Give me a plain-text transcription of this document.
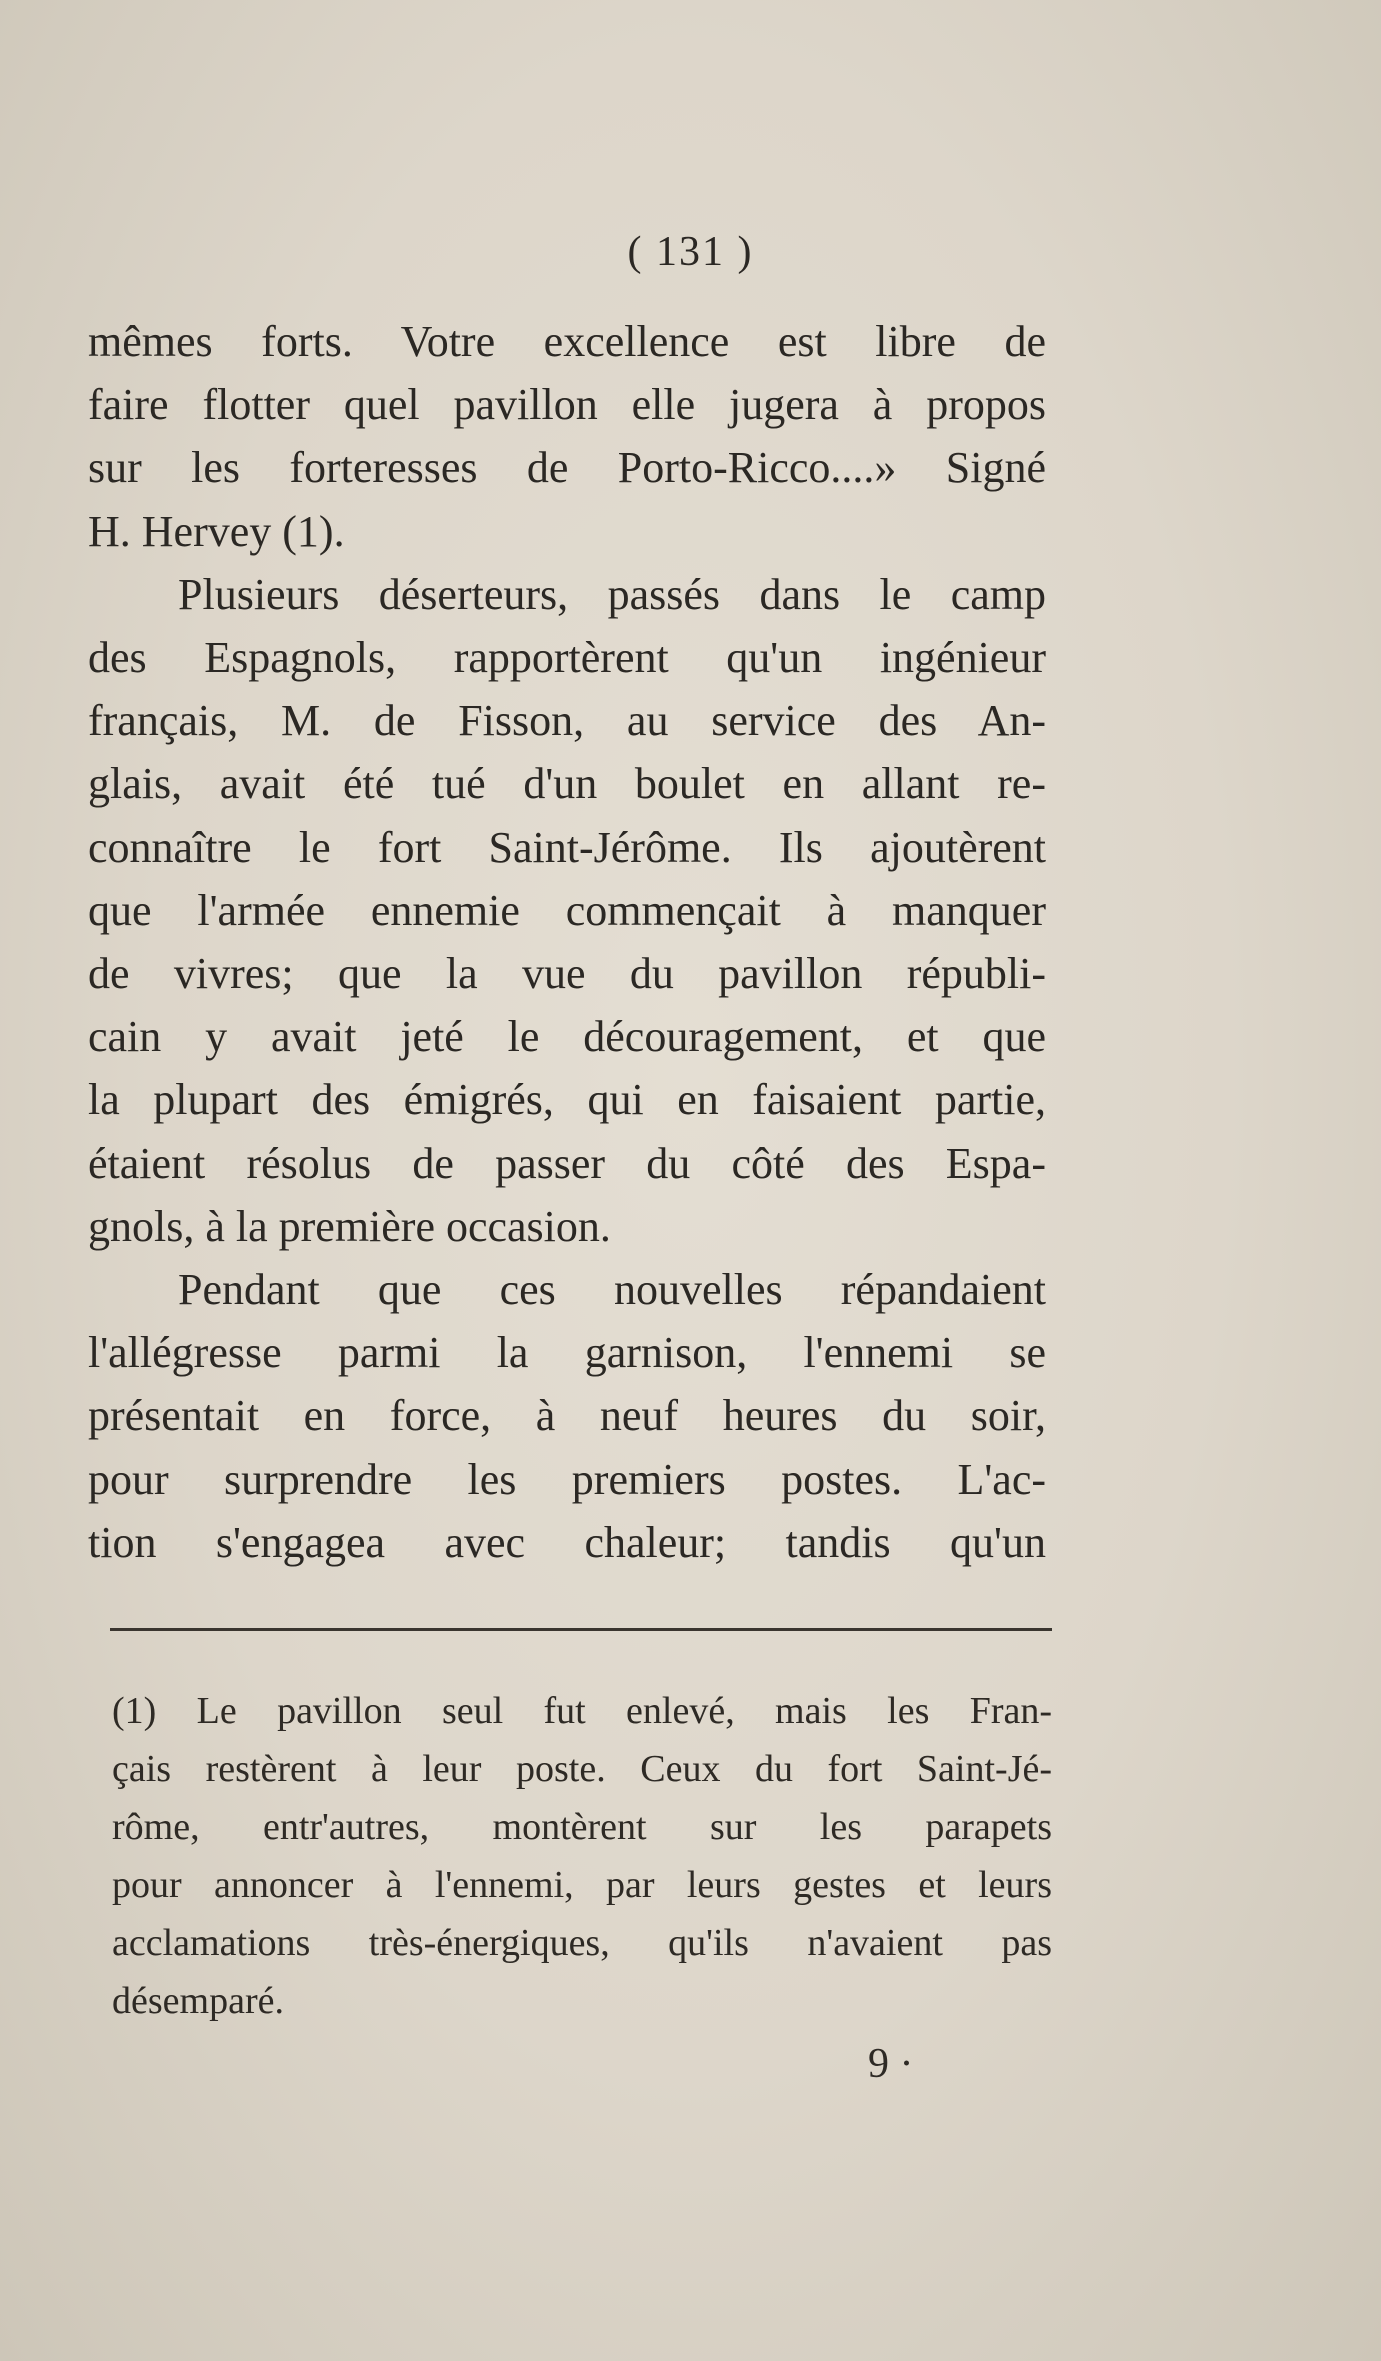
( 131 )
mêmes forts. Votre excellence est libre de
faire flotter quel pavillon elle jugera à propos
sur les forteresses de Porto-Ricco....» Signé
H. Hervey (1).
Plusieurs déserteurs, passés dans le camp
des Espagnols, rapportèrent qu'un ingénieur
français, M. de Fisson, au service des An-
glais, avait été tué d'un boulet en allant re-
connaître le fort Saint-Jérôme. Ils ajoutèrent
que l'armée ennemie commençait à manquer
de vivres; que la vue du pavillon républi-
cain y avait jeté le découragement, et que
la plupart des émigrés, qui en faisaient partie,
étaient résolus de passer du côté des Espa-
gnols, à la première occasion.
Pendant que ces nouvelles répandaient
l'allégresse parmi la garnison, l'ennemi se
présentait en force, à neuf heures du soir,
pour surprendre les premiers postes. L'ac-
tion s'engagea avec chaleur; tandis qu'un
(1) Le pavillon seul fut enlevé, mais les Fran-
çais restèrent à leur poste. Ceux du fort Saint-Jé-
rôme, entr'autres, montèrent sur les parapets
pour annoncer à l'ennemi, par leurs gestes et leurs
acclamations très-énergiques, qu'ils n'avaient pas
désemparé.
9 ·
